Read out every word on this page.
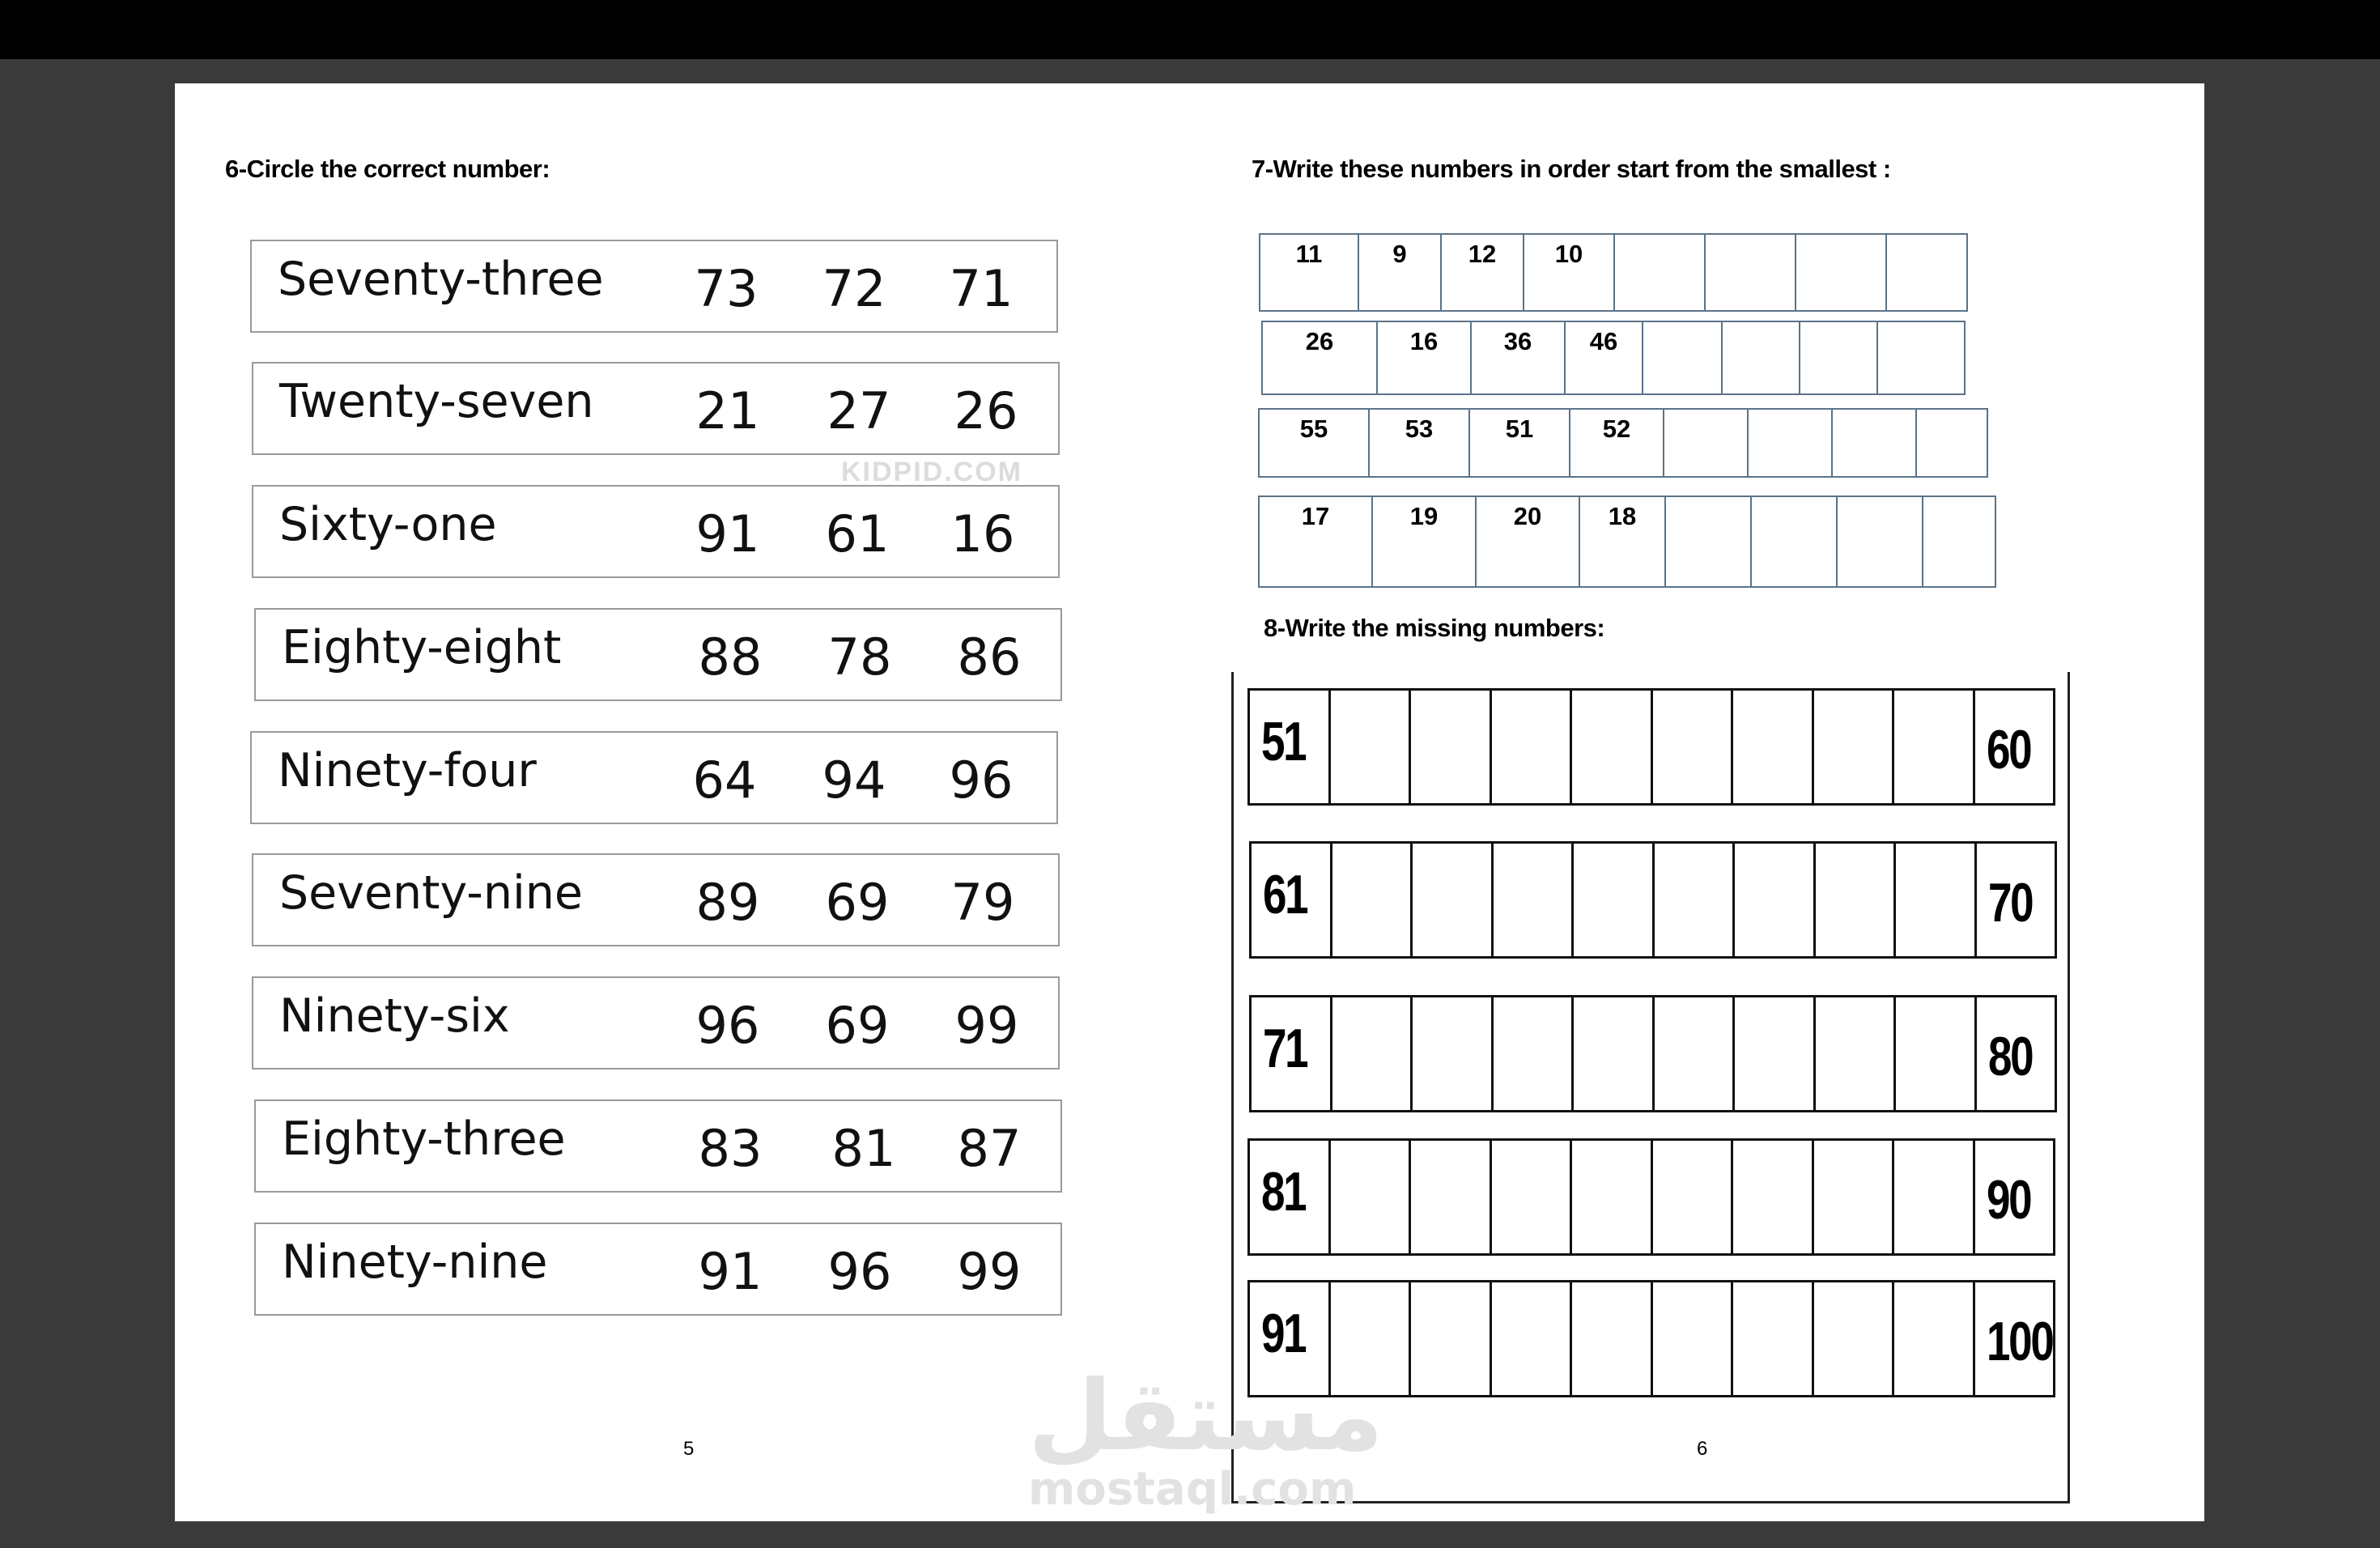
6-Circle the correct number:
Seventy-three	73	72	71
Twenty-seven	21	27	26
Sixty-one	91	61	16
Eighty-eight	88	78	86
Ninety-four	64	94	96
Seventy-nine	89	69	79
Ninety-six	96	69	99
Eighty-three	83	81	87
Ninety-nine	91	96	99
KIDPID.COM
7-Write these numbers in order start from the smallest :
11	9	12	10
26	16	36	46
55	53	51	52
17	19	20	18
8-Write the missing numbers:
51	60
61	70
71	80
81	90
91	100
5	6
مستقل
mostaql.com
